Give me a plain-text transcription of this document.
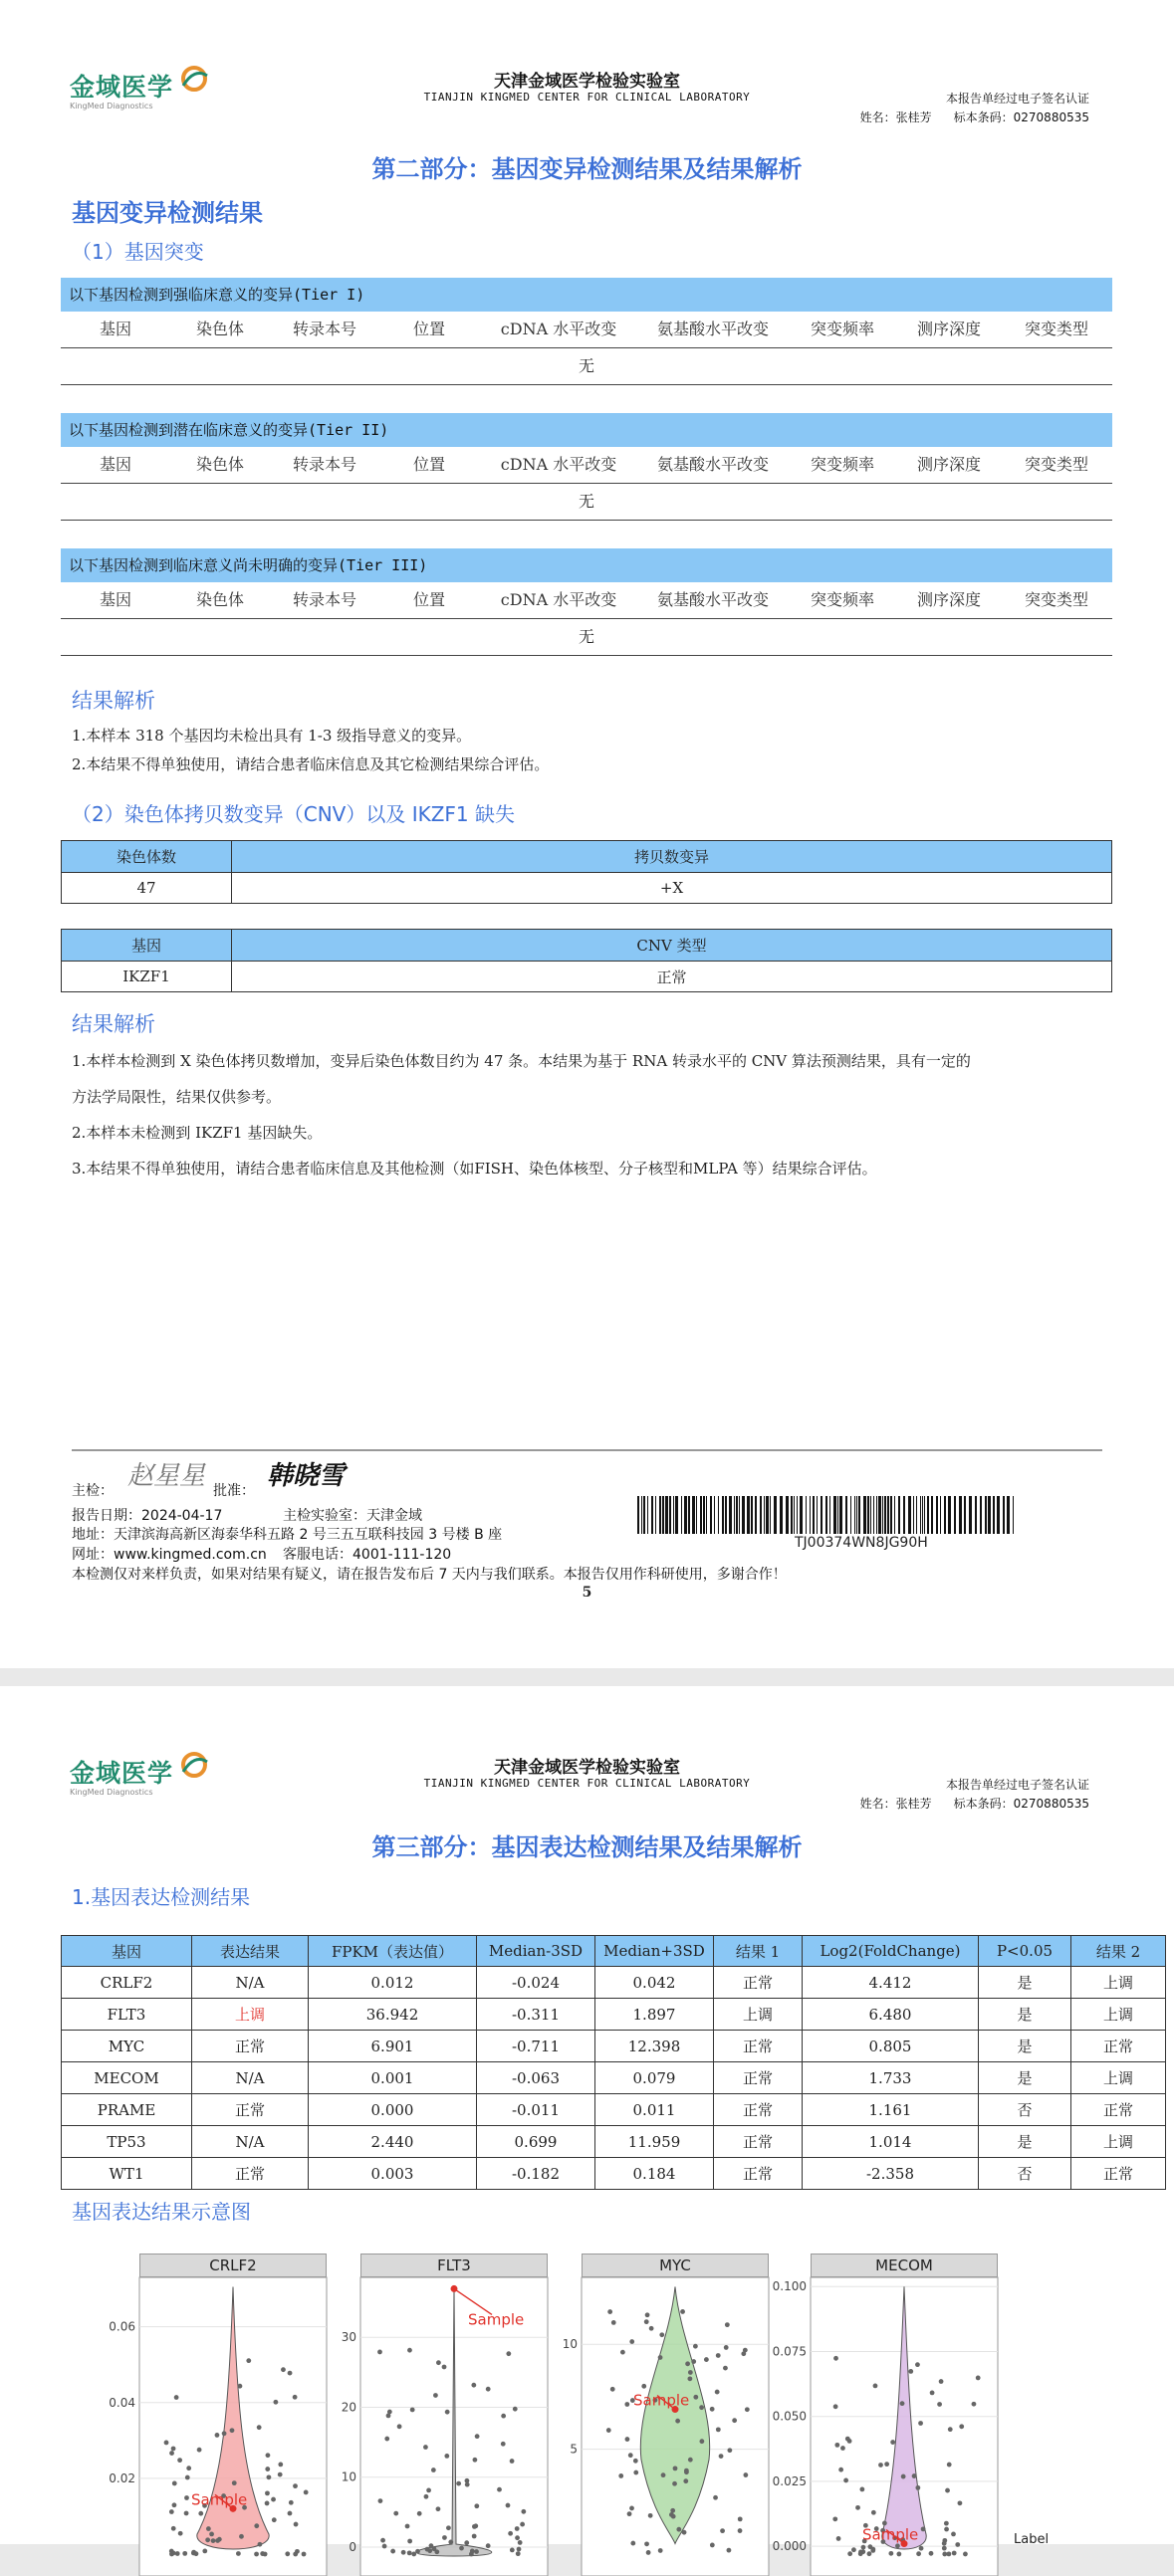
金域医学
KingMed Diagnostics
天津金域医学检验实验室
TIANJIN KINGMED CENTER FOR CLINICAL LABORATORY	本报告单经过电子签名认证
姓名：张桂芳 标本条码：0270880535
第二部分：基因变异检测结果及结果解析
基因变异检测结果
（1）基因突变
以下基因检测到强临床意义的变异(Tier I)
基因	染色体	转录本号	位置	cDNA 水平改变	氨基酸水平改变	突变频率	测序深度	突变类型
无
以下基因检测到潜在临床意义的变异(Tier II)
基因	染色体	转录本号	位置	cDNA 水平改变	氨基酸水平改变	突变频率	测序深度	突变类型
无
以下基因检测到临床意义尚未明确的变异(Tier III)
基因	染色体	转录本号	位置	cDNA 水平改变	氨基酸水平改变	突变频率	测序深度	突变类型
无
结果解析
1.本样本 318 个基因均未检出具有 1-3 级指导意义的变异。
2.本结果不得单独使用，请结合患者临床信息及其它检测结果综合评估。
（2）染色体拷贝数变异（CNV）以及 IKZF1 缺失
染色体数	拷贝数变异
47	+X
基因	CNV 类型
IKZF1	正常
结果解析
1.本样本检测到 X 染色体拷贝数增加，变异后染色体数目约为 47 条。本结果为基于 RNA 转录水平的 CNV 算法预测结果，具有一定的
方法学局限性，结果仅供参考。
2.本样本未检测到 IKZF1 基因缺失。
3.本结果不得单独使用，请结合患者临床信息及其他检测（如FISH、染色体核型、分子核型和MLPA 等）结果综合评估。
主检： 赵星星 批准： 韩晓雪
报告日期：2024-04-17	主检实验室：天津金域
地址：天津滨海高新区海泰华科五路 2 号三五互联科技园 3 号楼 B 座
网址：www.kingmed.com.cn 客服电话：4001-111-120
本检测仅对来样负责，如果对结果有疑义，请在报告发布后 7 天内与我们联系。本报告仅用作科研使用，多谢合作！
TJ00374WN8JG90H
5
金域医学
KingMed Diagnostics
天津金域医学检验实验室
TIANJIN KINGMED CENTER FOR CLINICAL LABORATORY	本报告单经过电子签名认证
姓名：张桂芳 标本条码：0270880535
第三部分：基因表达检测结果及结果解析
1.基因表达检测结果
基因	表达结果	FPKM（表达值）	Median-3SD	Median+3SD	结果 1	Log2(FoldChange)	P<0.05	结果 2
CRLF2	N/A	0.012	-0.024	0.042	正常	4.412	是	上调
FLT3	上调	36.942	-0.311	1.897	上调	6.480	是	上调
MYC	正常	6.901	-0.711	12.398	正常	0.805	是	正常
MECOM	N/A	0.001	-0.063	0.079	正常	1.733	是	上调
PRAME	正常	0.000	-0.011	0.011	正常	1.161	否	正常
TP53	N/A	2.440	0.699	11.959	正常	1.014	是	上调
WT1	正常	0.003	-0.182	0.184	正常	-2.358	否	正常
基因表达结果示意图
CRLF2
0.02
0.04
0.06
Sample
FLT3
0
10
20
30
Sample
MYC
5
10
Sample
MECOM
0.000
0.025
0.050
0.075
0.100
Sample	Label
